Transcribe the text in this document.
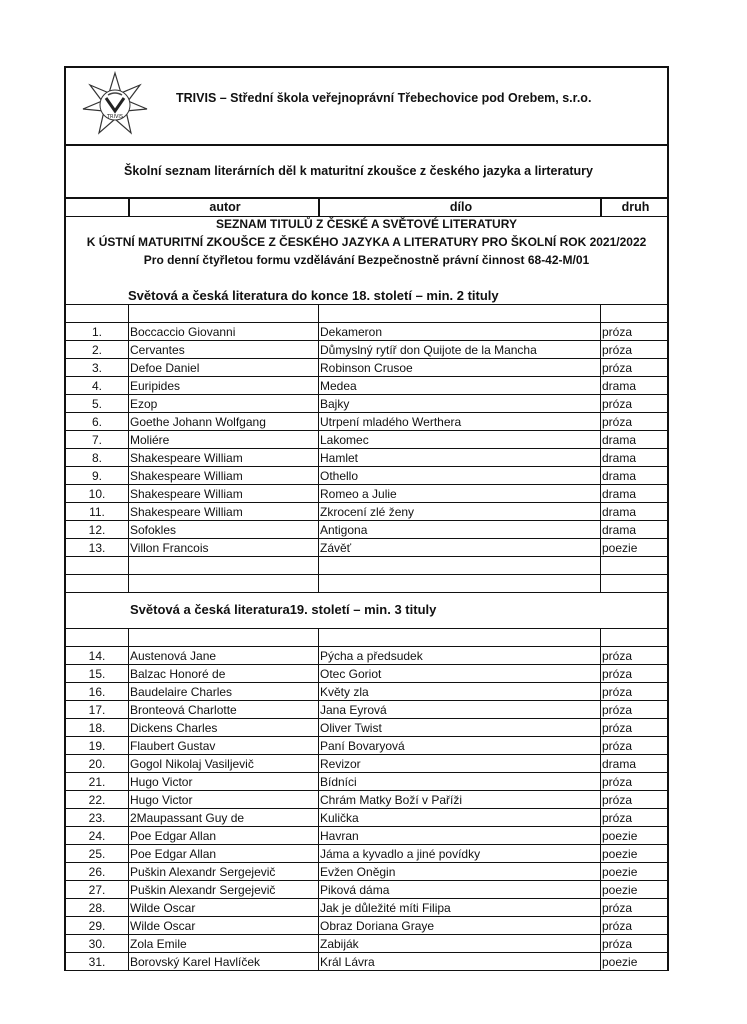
TRIVIS
TRIVIS – Střední škola veřejnoprávní Třebechovice pod Orebem, s.r.o.
Školní seznam literárních děl k maturitní zkoušce z českého jazyka a lirteratury
autor	dílo	druh
SEZNAM TITULŮ Z ČESKÉ A SVĚTOVÉ LITERATURY
K ÚSTNÍ MATURITNÍ ZKOUŠCE Z ČESKÉHO JAZYKA A LITERATURY PRO ŠKOLNÍ ROK 2021/2022
Pro denní čtyřletou formu vzdělávání Bezpečnostně právní činnost 68-42-M/01
Světová a česká literatura do konce 18. století – min. 2 tituly
1.	Boccaccio Giovanni	Dekameron	próza
2.	Cervantes	Důmyslný rytíř don Quijote de la Mancha	próza
3.	Defoe Daniel	Robinson Crusoe	próza
4.	Euripides	Medea	drama
5.	Ezop	Bajky	próza
6.	Goethe Johann Wolfgang	Utrpení mladého Werthera	próza
7.	Moliére	Lakomec	drama
8.	Shakespeare William	Hamlet	drama
9.	Shakespeare William	Othello	drama
10.	Shakespeare William	Romeo a Julie	drama
11.	Shakespeare William	Zkrocení zlé ženy	drama
12.	Sofokles	Antigona	drama
13.	Villon Francois	Závěť	poezie
Světová a česká literatura19. století – min. 3 tituly
14.	Austenová Jane	Pýcha a předsudek	próza
15.	Balzac Honoré de	Otec Goriot	próza
16.	Baudelaire Charles	Květy zla	próza
17.	Bronteová Charlotte	Jana Eyrová	próza
18.	Dickens Charles	Oliver Twist	próza
19.	Flaubert Gustav	Paní Bovaryová	próza
20.	Gogol Nikolaj Vasiljevič	Revizor	drama
21.	Hugo Victor	Bídníci	próza
22.	Hugo Victor	Chrám Matky Boží v Paříži	próza
23.	2Maupassant Guy de	Kulička	próza
24.	Poe Edgar Allan	Havran	poezie
25.	Poe Edgar Allan	Jáma a kyvadlo a jiné povídky	poezie
26.	Puškin Alexandr Sergejevič	Evžen Oněgin	poezie
27.	Puškin Alexandr Sergejevič	Piková dáma	poezie
28.	Wilde Oscar	Jak je důležité míti Filipa	próza
29.	Wilde Oscar	Obraz Doriana Graye	próza
30.	Zola Emile	Zabiják	próza
31.	Borovský Karel Havlíček	Král Lávra	poezie
